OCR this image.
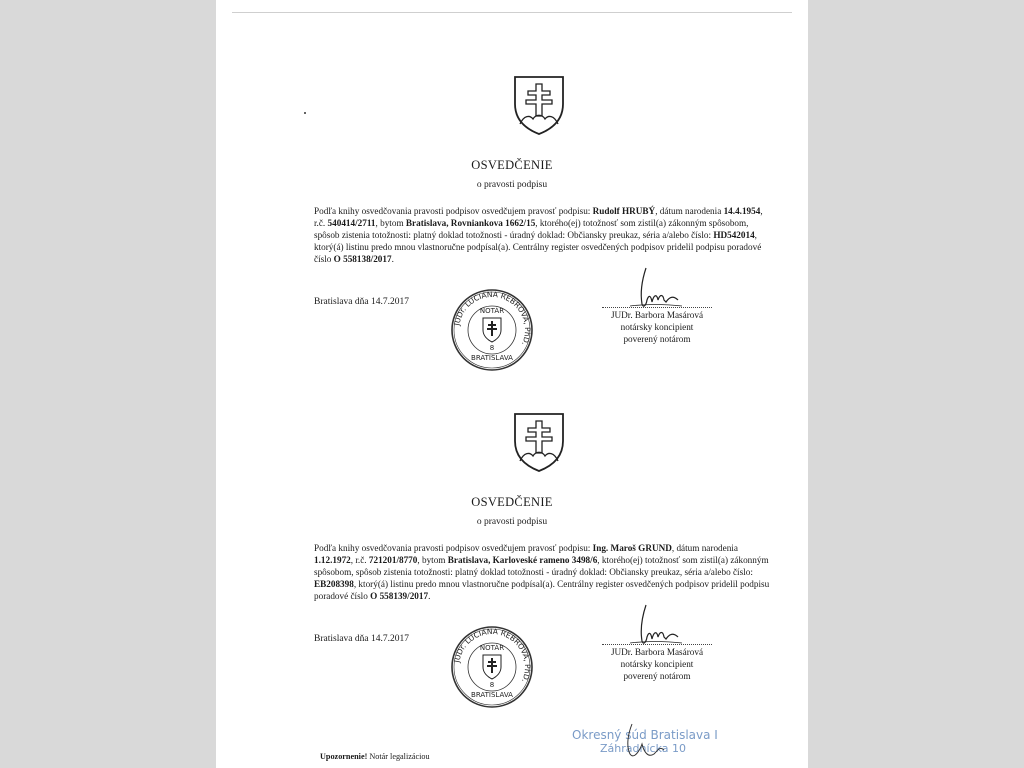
OSVEDČENIE
o pravosti podpisu
Podľa knihy osvedčovania pravosti podpisov osvedčujem pravosť podpisu: Rudolf HRUBÝ, dátum narodenia 14.4.1954, r.č. 540414/2711, bytom Bratislava, Rovniankova 1662/15, ktorého(ej) totožnosť som zistil(a) zákonným spôsobom, spôsob zistenia totožnosti: platný doklad totožnosti - úradný doklad: Občiansky preukaz, séria a/alebo číslo: HD542014, ktorý(á) listinu predo mnou vlastnoručne podpísal(a). Centrálny register osvedčených podpisov pridelil podpisu poradové číslo O 558138/2017.
Bratislava dňa 14.7.2017
JUDr. LUCIANA REBROVÁ, PhD.
NOTÁR
8
BRATISLAVA
JUDr. Barbora Masárová
notársky koncipient
poverený notárom
OSVEDČENIE
o pravosti podpisu
Podľa knihy osvedčovania pravosti podpisov osvedčujem pravosť podpisu: Ing. Maroš GRUND, dátum narodenia 1.12.1972, r.č. 721201/8770, bytom Bratislava, Karloveské rameno 3498/6, ktorého(ej) totožnosť som zistil(a) zákonným spôsobom, spôsob zistenia totožnosti: platný doklad totožnosti - úradný doklad: Občiansky preukaz, séria a/alebo číslo: EB208398, ktorý(á) listinu predo mnou vlastnoručne podpísal(a). Centrálny register osvedčených podpisov pridelil podpisu poradové číslo O 558139/2017.
Bratislava dňa 14.7.2017
JUDr. LUCIANA REBROVÁ, PhD.
NOTÁR
8
BRATISLAVA
JUDr. Barbora Masárová
notársky koncipient
poverený notárom
Okresný súd Bratislava I
Záhradnícka 10
Upozornenie! Notár legalizáciou
